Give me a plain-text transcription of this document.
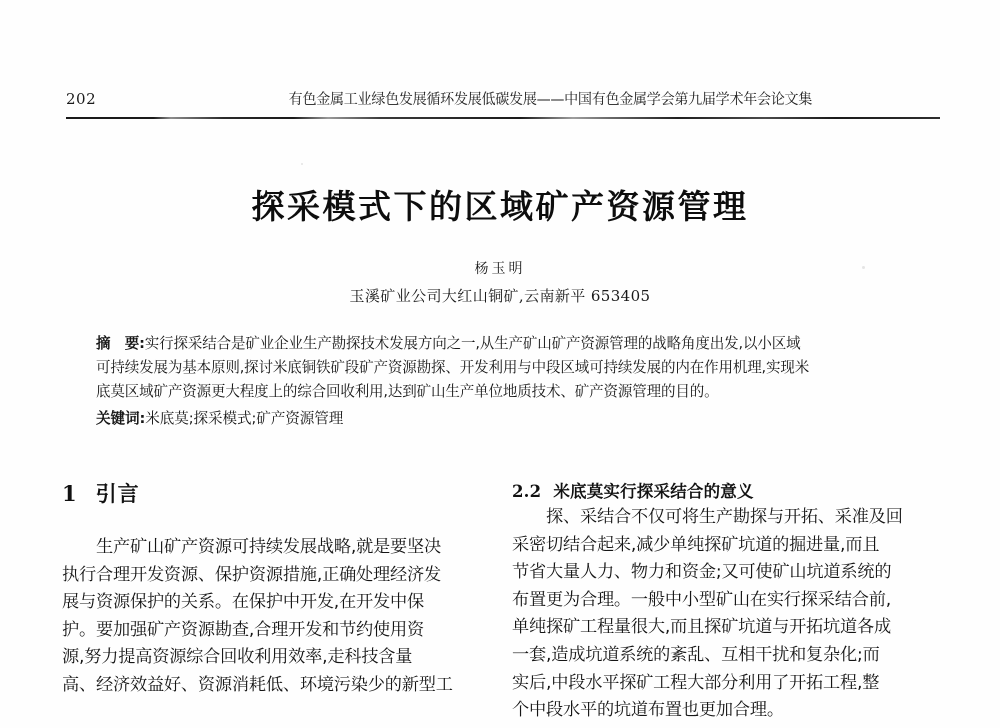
202	有色金属工业绿色发展循环发展低碳发展——中国有色金属学会第九届学术年会论文集
探采模式下的区域矿产资源管理
杨玉明
玉溪矿业公司大红山铜矿,云南新平 653405
摘　要:实行探采结合是矿业企业生产勘探技术发展方向之一,从生产矿山矿产资源管理的战略角度出发,以小区域
可持续发展为基本原则,探讨米底铜铁矿段矿产资源勘探、开发利用与中段区域可持续发展的内在作用机理,实现米
底莫区域矿产资源更大程度上的综合回收利用,达到矿山生产单位地质技术、矿产资源管理的目的。
关键词:米底莫;探采模式;矿产资源管理
1 引言
生产矿山矿产资源可持续发展战略,就是要坚决
执行合理开发资源、保护资源措施,正确处理经济发
展与资源保护的关系。在保护中开发,在开发中保
护。要加强矿产资源勘查,合理开发和节约使用资
源,努力提高资源综合回收利用效率,走科技含量
高、经济效益好、资源消耗低、环境污染少的新型工
2.2 米底莫实行探采结合的意义
探、采结合不仅可将生产勘探与开拓、采准及回
采密切结合起来,减少单纯探矿坑道的掘进量,而且
节省大量人力、物力和资金;又可使矿山坑道系统的
布置更为合理。一般中小型矿山在实行探采结合前,
单纯探矿工程量很大,而且探矿坑道与开拓坑道各成
一套,造成坑道系统的紊乱、互相干扰和复杂化;而
实后,中段水平探矿工程大部分利用了开拓工程,整
个中段水平的坑道布置也更加合理。
